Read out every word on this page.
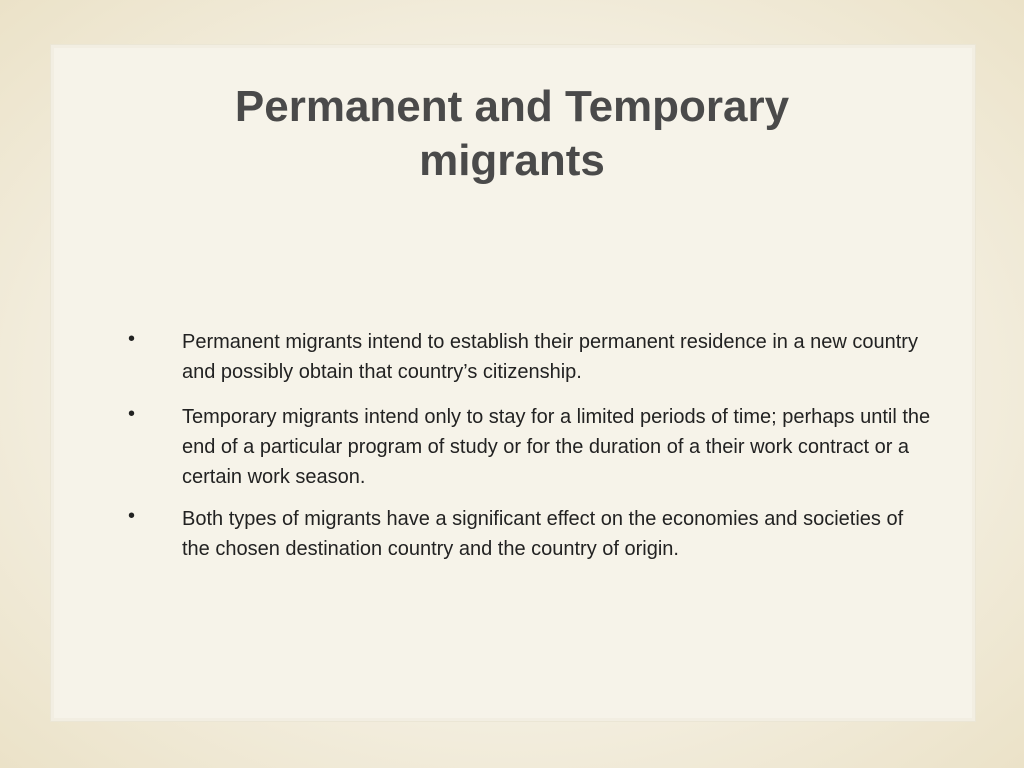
Permanent and Temporary
migrants
• Permanent migrants intend to establish their permanent residence in a new country and possibly obtain that country’s citizenship.
• Temporary migrants intend only to stay for a limited periods of time; perhaps until the end of a particular program of study or for the duration of a their work contract or a certain work season.
• Both types of migrants have a significant effect on the economies and societies of the chosen destination country and the country of origin.
